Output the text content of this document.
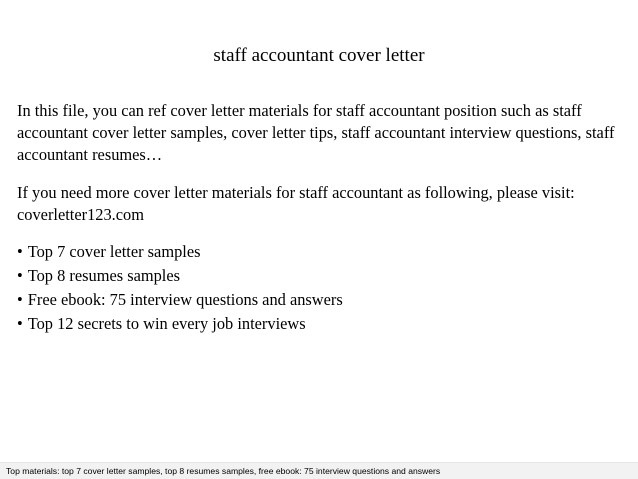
staff accountant cover letter
In this file, you can ref cover letter materials for staff accountant position such as staff accountant cover letter samples, cover letter tips, staff accountant interview questions, staff accountant resumes…
If you need more cover letter materials for staff accountant as following, please visit: coverletter123.com
• Top 7 cover letter samples
• Top 8 resumes samples
• Free ebook: 75 interview questions and answers
• Top 12 secrets to win every job interviews
Top materials: top 7 cover letter samples, top 8 resumes samples, free ebook: 75 interview questions and answers
